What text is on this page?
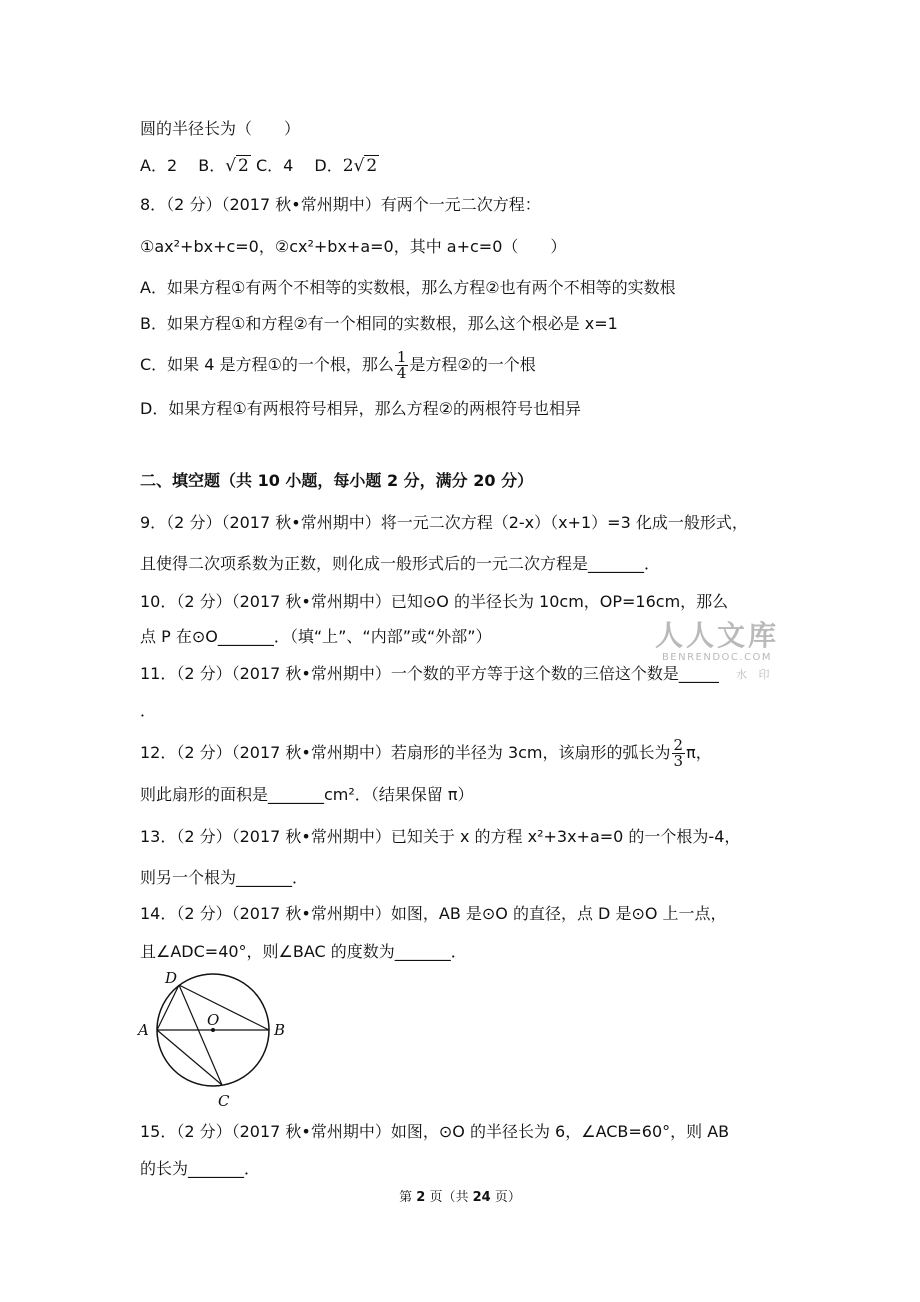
圆的半径长为（　　）
A．2　 B．√ 2 C．4　 D．2√ 2
8．（2 分）（2017 秋•常州期中）有两个一元二次方程：
①ax²+bx+c=0，②cx²+bx+a=0，其中 a+c=0（　　）
A．如果方程①有两个不相等的实数根，那么方程②也有两个不相等的实数根
B．如果方程①和方程②有一个相同的实数根，那么这个根必是 x=1
C．如果 4 是方程①的一个根，那么 $\frac{1}{4}$ 是方程②的一个根
D．如果方程①有两根符号相异，那么方程②的两根符号也相异
二、填空题（共 10 小题，每小题 2 分，满分 20 分）
9．（2 分）（2017 秋•常州期中）将一元二次方程（2-x）（x+1）=3 化成一般形式，
且使得二次项系数为正数，则化成一般形式后的一元二次方程是_______．
10．（2 分）（2017 秋•常州期中）已知⊙O 的半径长为 10cm，OP=16cm，那么
点 P 在⊙O_______．（填“上”、“内部”或“外部”）
11．（2 分）（2017 秋•常州期中）一个数的平方等于这个数的三倍这个数是_____
．
12．（2 分）（2017 秋•常州期中）若扇形的半径为 3cm，该扇形的弧长为 $\frac{2}{3}$ π，
则此扇形的面积是_______cm²．（结果保留 π）
13．（2 分）（2017 秋•常州期中）已知关于 x 的方程 x²+3x+a=0 的一个根为-4，
则另一个根为_______．
14．（2 分）（2017 秋•常州期中）如图，AB 是⊙O 的直径，点 D 是⊙O 上一点，
且∠ADC=40°，则∠BAC 的度数为_______．
D
A
O
B
C
15．（2 分）（2017 秋•常州期中）如图，⊙O 的半径长为 6，∠ACB=60°，则 AB
的长为_______．
人人文库
BENRENDOC.COM
水 印
第 2 页（共 24 页）
